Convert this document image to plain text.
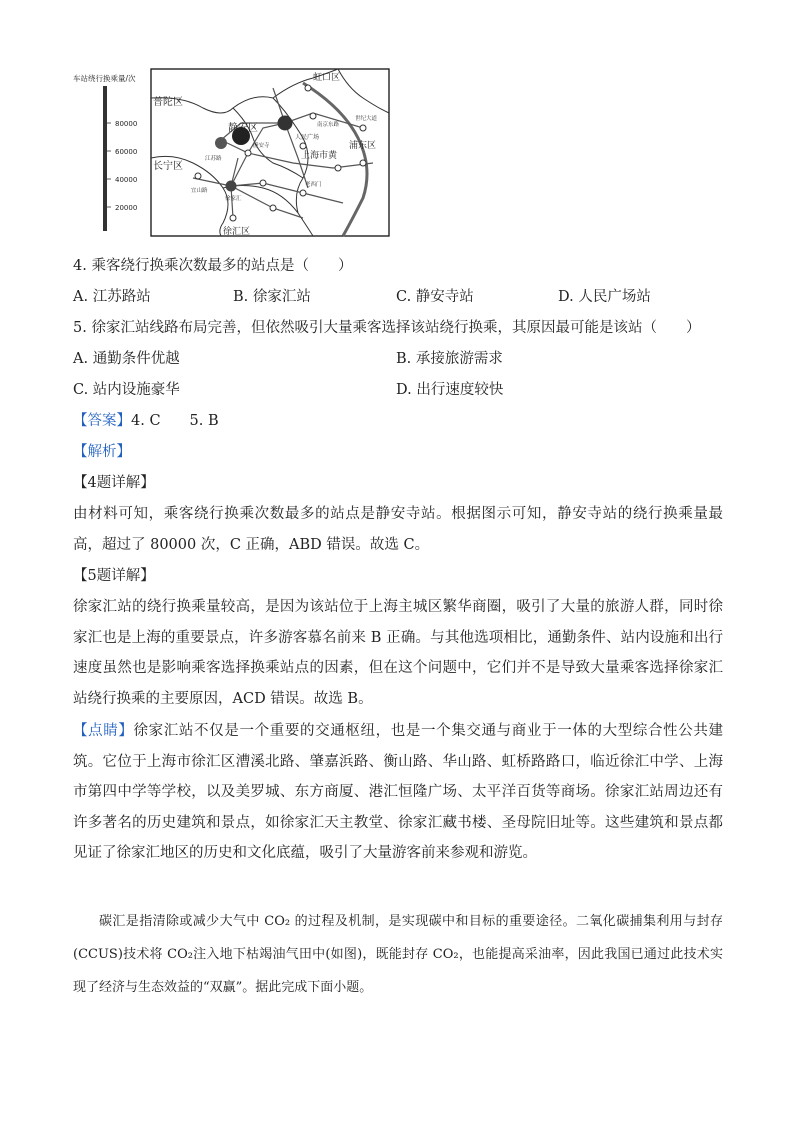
车站绕行换乘量/次
80000
60000
40000
20000
虹口区
普陀区
静安区
长宁区
上海市黄
浦东区
徐汇区
江苏路
静安寺
人民广场
宜山路
徐家汇
南京东路
老西门
世纪大道
4. 乘客绕行换乘次数最多的站点是（　　）
A. 江苏路站	B. 徐家汇站	C. 静安寺站	D. 人民广场站
5. 徐家汇站线路布局完善，但依然吸引大量乘客选择该站绕行换乘，其原因最可能是该站（　　）
A. 通勤条件优越	B. 承接旅游需求
C. 站内设施豪华	D. 出行速度较快
【答案】4. C　　5. B
【解析】
【4题详解】
由材料可知，乘客绕行换乘次数最多的站点是静安寺站。根据图示可知，静安寺站的绕行换乘量最高，超过了 80000 次，C 正确，ABD 错误。故选 C。
【5题详解】
徐家汇站的绕行换乘量较高，是因为该站位于上海主城区繁华商圈，吸引了大量的旅游人群，同时徐家汇也是上海的重要景点，许多游客慕名前来 B 正确。与其他选项相比，通勤条件、站内设施和出行速度虽然也是影响乘客选择换乘站点的因素，但在这个问题中，它们并不是导致大量乘客选择徐家汇站绕行换乘的主要原因，ACD 错误。故选 B。
【点睛】徐家汇站不仅是一个重要的交通枢纽，也是一个集交通与商业于一体的大型综合性公共建筑。它位于上海市徐汇区漕溪北路、肇嘉浜路、衡山路、华山路、虹桥路路口，临近徐汇中学、上海市第四中学等学校，以及美罗城、东方商厦、港汇恒隆广场、太平洋百货等商场。徐家汇站周边还有许多著名的历史建筑和景点，如徐家汇天主教堂、徐家汇藏书楼、圣母院旧址等。这些建筑和景点都见证了徐家汇地区的历史和文化底蕴，吸引了大量游客前来参观和游览。
碳汇是指清除或减少大气中 CO₂ 的过程及机制，是实现碳中和目标的重要途径。二氧化碳捕集利用与封存(CCUS)技术将 CO₂注入地下枯竭油气田中(如图)，既能封存 CO₂，也能提高采油率，因此我国已通过此技术实现了经济与生态效益的“双赢”。据此完成下面小题。
